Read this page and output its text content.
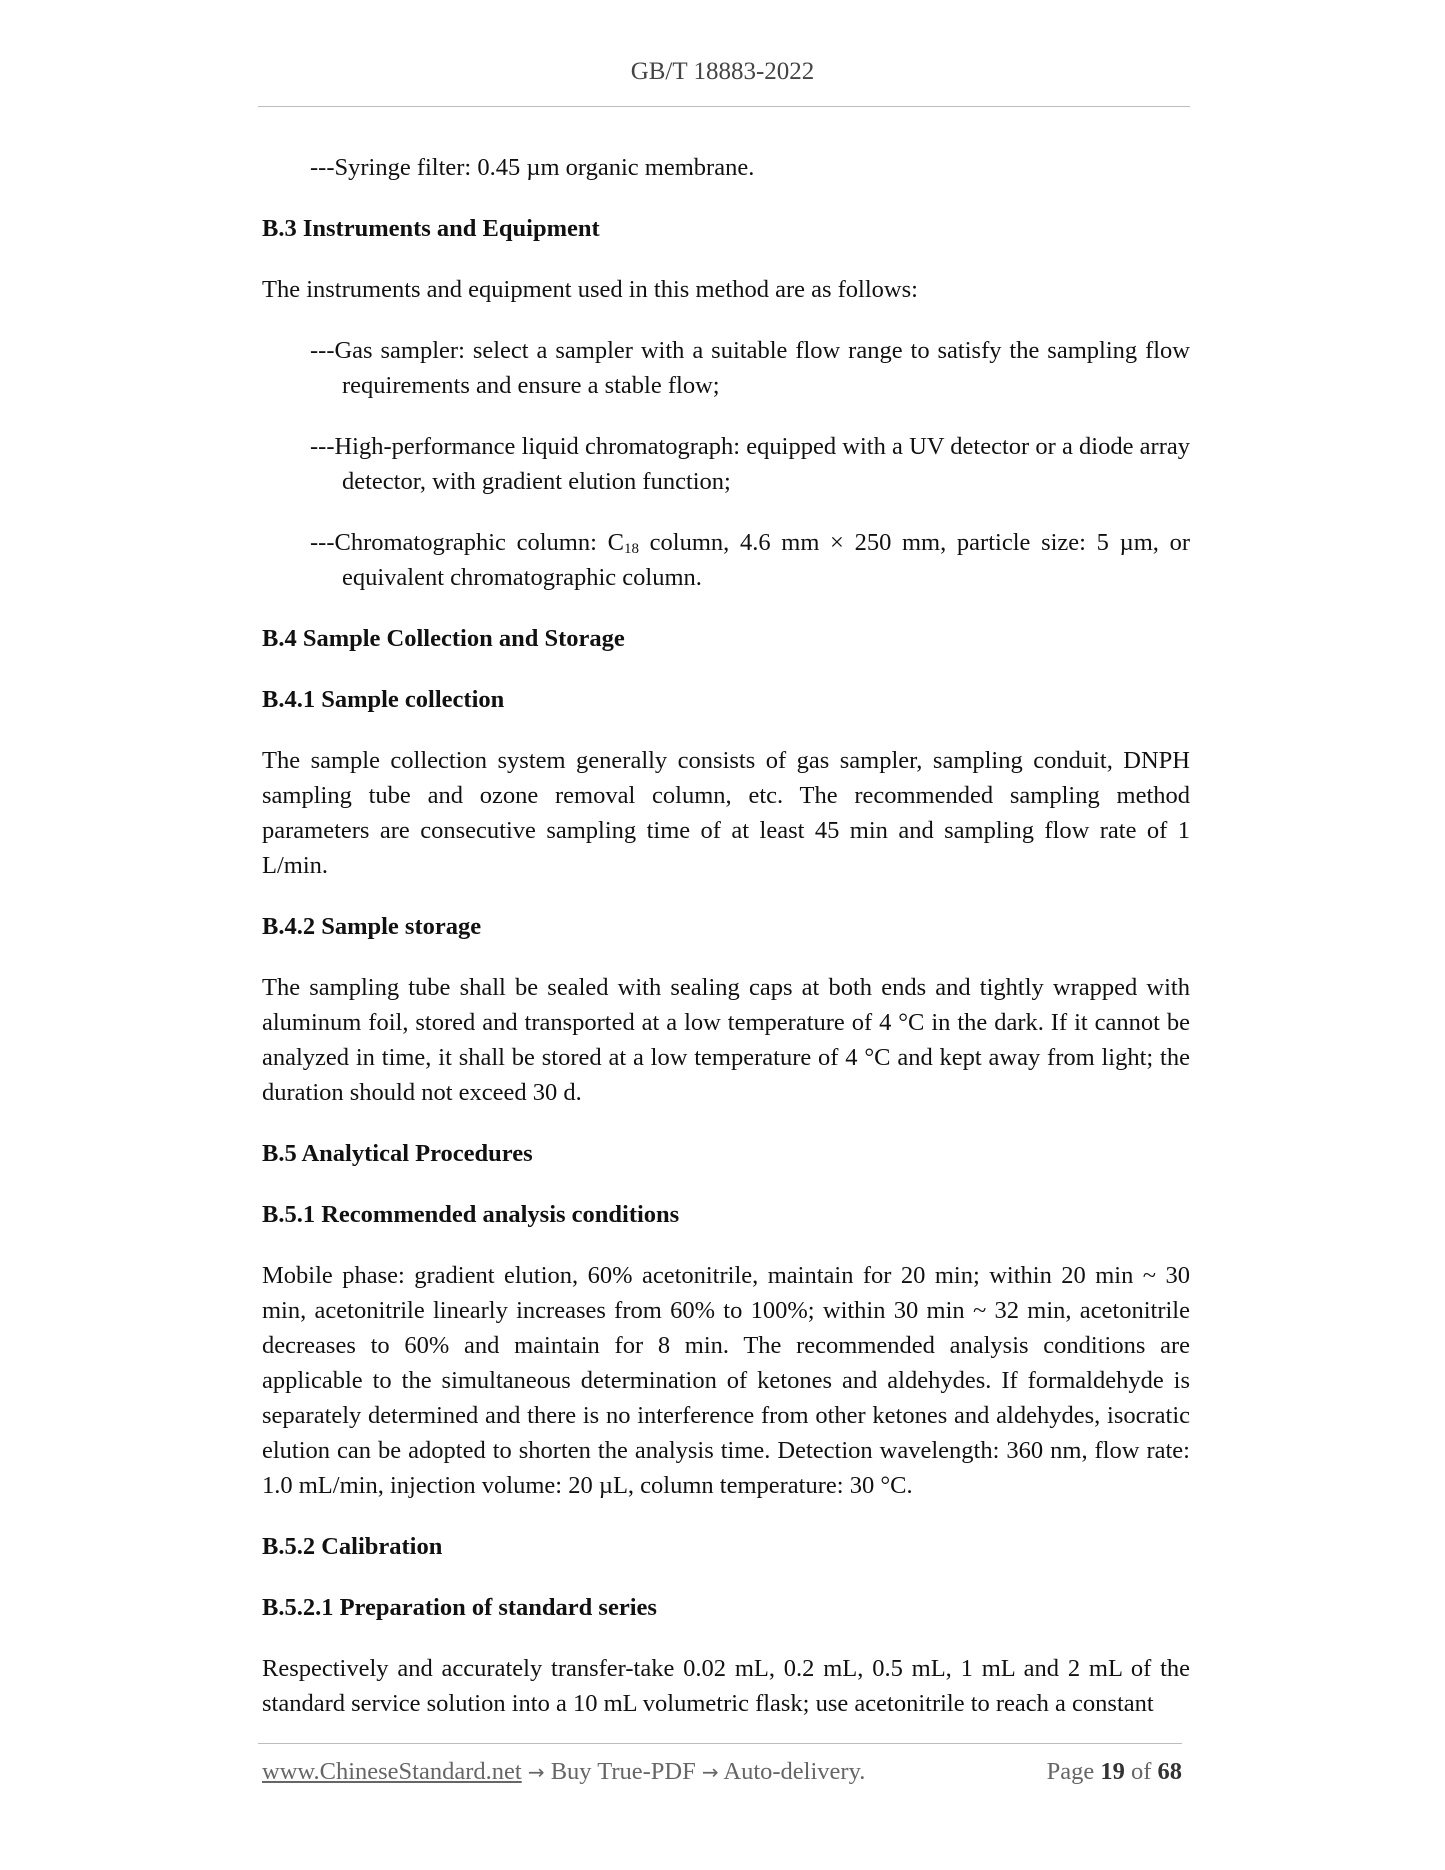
GB/T 18883-2022

---Syringe filter: 0.45 µm organic membrane.

B.3 Instruments and Equipment

The instruments and equipment used in this method are as follows:

---Gas sampler: select a sampler with a suitable flow range to satisfy the sampling flow requirements and ensure a stable flow;

---High-performance liquid chromatograph: equipped with a UV detector or a diode array detector, with gradient elution function;

---Chromatographic column: $C_{18}$ column, 4.6 mm × 250 mm, particle size: 5 µm, or equivalent chromatographic column.

B.4 Sample Collection and Storage

B.4.1 Sample collection

The sample collection system generally consists of gas sampler, sampling conduit, DNPH sampling tube and ozone removal column, etc. The recommended sampling method parameters are consecutive sampling time of at least 45 min and sampling flow rate of 1 L/min.

B.4.2 Sample storage

The sampling tube shall be sealed with sealing caps at both ends and tightly wrapped with aluminum foil, stored and transported at a low temperature of 4 °C in the dark. If it cannot be analyzed in time, it shall be stored at a low temperature of 4 °C and kept away from light; the duration should not exceed 30 d.

B.5 Analytical Procedures

B.5.1 Recommended analysis conditions

Mobile phase: gradient elution, 60% acetonitrile, maintain for 20 min; within 20 min ~ 30 min, acetonitrile linearly increases from 60% to 100%; within 30 min ~ 32 min, acetonitrile decreases to 60% and maintain for 8 min. The recommended analysis conditions are applicable to the simultaneous determination of ketones and aldehydes. If formaldehyde is separately determined and there is no interference from other ketones and aldehydes, isocratic elution can be adopted to shorten the analysis time. Detection wavelength: 360 nm, flow rate: 1.0 mL/min, injection volume: 20 µL, column temperature: 30 °C.

B.5.2 Calibration

B.5.2.1 Preparation of standard series

Respectively and accurately transfer-take 0.02 mL, 0.2 mL, 0.5 mL, 1 mL and 2 mL of the standard service solution into a 10 mL volumetric flask; use acetonitrile to reach a constant

www.ChineseStandard.net → Buy True-PDF → Auto-delivery.	Page 19 of 68
